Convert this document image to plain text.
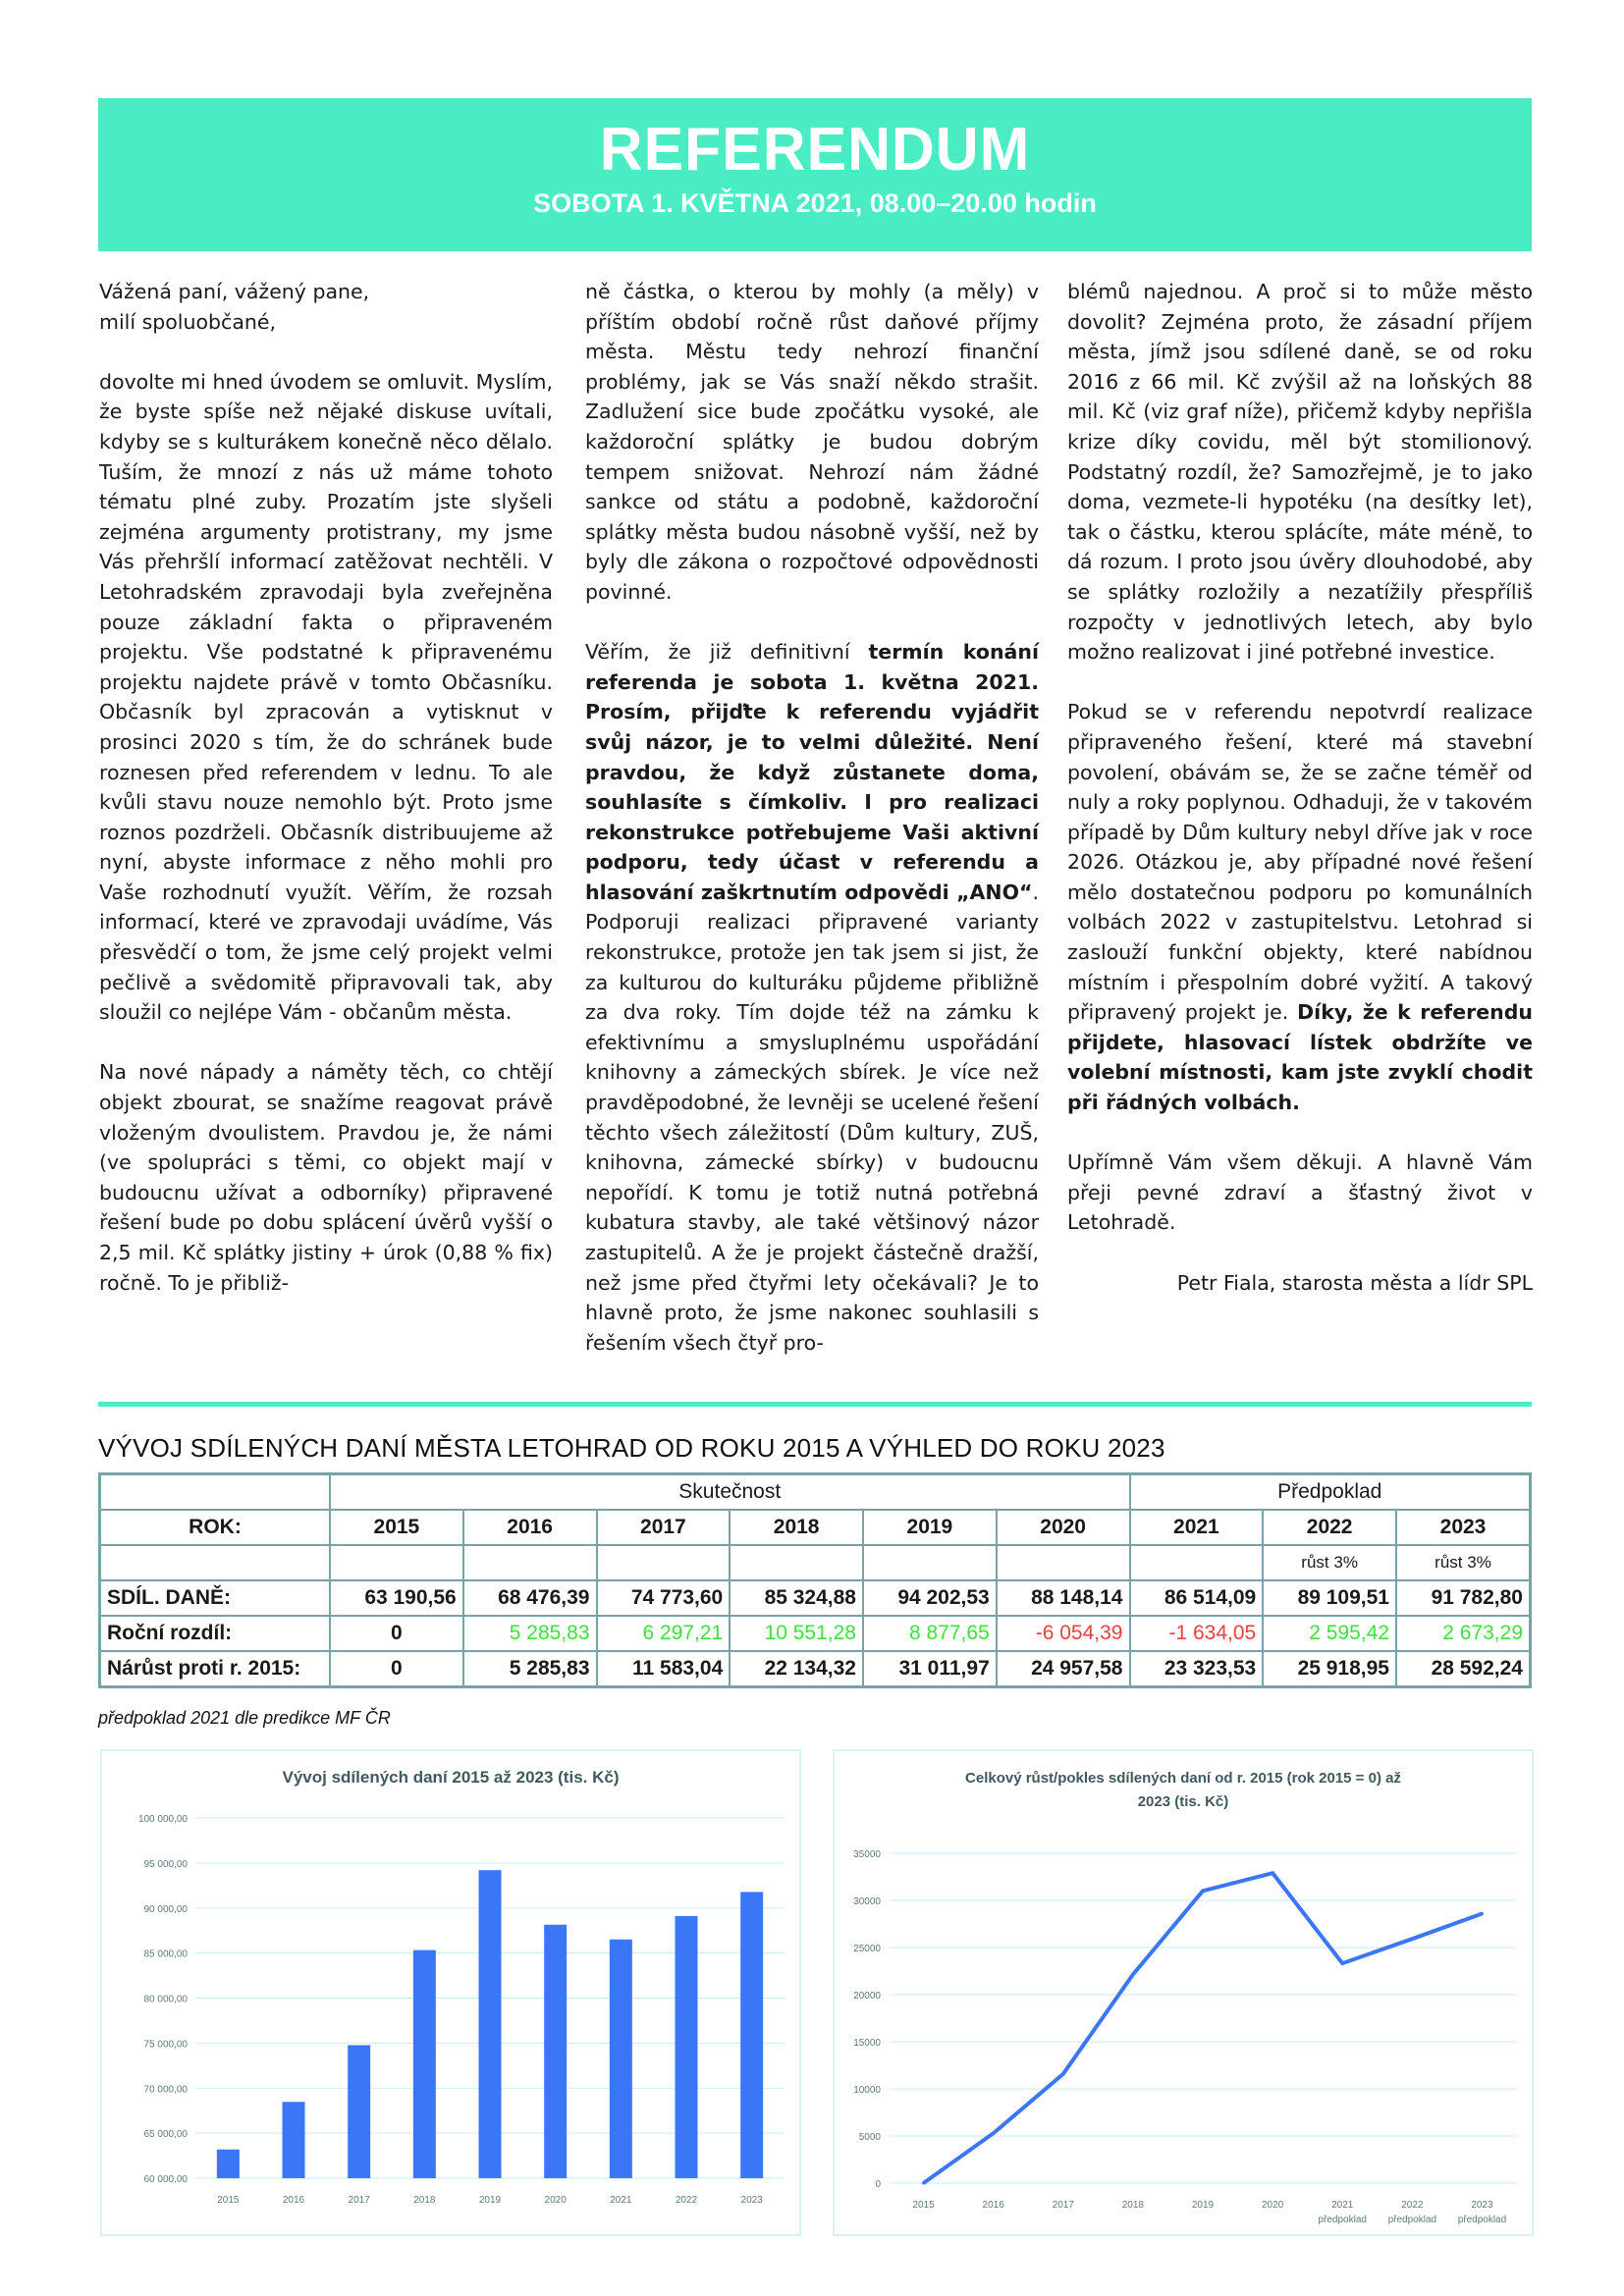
REFERENDUM
SOBOTA 1. KVĚTNA 2021, 08.00–20.00 hodin

Vážená paní, vážený pane,

milí spoluobčané,

dovolte mi hned úvodem se omluvit. Myslím, že byste spíše než nějaké diskuse uvítali, kdyby se s kulturákem konečně něco dělalo. Tuším, že mnozí z nás už máme tohoto tématu plné zuby. Prozatím jste slyšeli zejména argumenty protistrany, my jsme Vás přehršlí informací zatěžovat nechtěli. V Letohradském zpravodaji byla zveřejněna pouze základní fakta o připraveném projektu. Vše podstatné k připravenému projektu najdete právě v tomto Občasníku. Občasník byl zpracován a vytisknut v prosinci 2020 s tím, že do schránek bude roznesen před referendem v lednu. To ale kvůli stavu nouze nemohlo být. Proto jsme roznos pozdrželi. Občasník distribuujeme až nyní, abyste informace z něho mohli pro Vaše rozhodnutí využít. Věřím, že rozsah informací, které ve zpravodaji uvádíme, Vás přesvědčí o tom, že jsme celý projekt velmi pečlivě a svědomitě připravovali tak, aby sloužil co nejlépe Vám - občanům města.

Na nové nápady a náměty těch, co chtějí objekt zbourat, se snažíme reagovat právě vloženým dvoulistem. Pravdou je, že námi (ve spolupráci s těmi, co objekt mají v budoucnu užívat a odborníky) připravené řešení bude po dobu splácení úvěrů vyšší o 2,5 mil. Kč splátky jistiny + úrok (0,88 % fix) ročně. To je přibliž-

ně částka, o kterou by mohly (a měly) v příštím období ročně růst daňové příjmy města. Městu tedy nehrozí finanční problémy, jak se Vás snaží někdo strašit. Zadlužení sice bude zpočátku vysoké, ale každoroční splátky je budou dobrým tempem snižovat. Nehrozí nám žádné sankce od státu a podobně, každoroční splátky města budou násobně vyšší, než by byly dle zákona o rozpočtové odpovědnosti povinné.

Věřím, že již definitivní termín konání referenda je sobota 1. května 2021. Prosím, přijďte k referendu vyjádřit svůj názor, je to velmi důležité. Není pravdou, že když zůstanete doma, souhlasíte s čímkoliv. I pro realizaci rekonstrukce potřebujeme Vaši aktivní podporu, tedy účast v referendu a hlasování zaškrtnutím odpovědi „ANO“. Podporuji realizaci připravené varianty rekonstrukce, protože jen tak jsem si jist, že za kulturou do kulturáku půjdeme přibližně za dva roky. Tím dojde též na zámku k efektivnímu a smysluplnému uspořádání knihovny a zámeckých sbírek. Je více než pravděpodobné, že levněji se ucelené řešení těchto všech záležitostí (Dům kultury, ZUŠ, knihovna, zámecké sbírky) v budoucnu nepořídí. K tomu je totiž nutná potřebná kubatura stavby, ale také většinový názor zastupitelů. A že je projekt částečně dražší, než jsme před čtyřmi lety očekávali? Je to hlavně proto, že jsme nakonec souhlasili s řešením všech čtyř pro-

blémů najednou. A proč si to může město dovolit? Zejména proto, že zásadní příjem města, jímž jsou sdílené daně, se od roku 2016 z 66 mil. Kč zvýšil až na loňských 88 mil. Kč (viz graf níže), přičemž kdyby nepřišla krize díky covidu, měl být stomilionový. Podstatný rozdíl, že? Samozřejmě, je to jako doma, vezmete-li hypotéku (na desítky let), tak o částku, kterou splácíte, máte méně, to dá rozum. I proto jsou úvěry dlouhodobé, aby se splátky rozložily a nezatížily přespříliš rozpočty v jednotlivých letech, aby bylo možno realizovat i jiné potřebné investice.

Pokud se v referendu nepotvrdí realizace připraveného řešení, které má stavební povolení, obávám se, že se začne téměř od nuly a roky poplynou. Odhaduji, že v takovém případě by Dům kultury nebyl dříve jak v roce 2026. Otázkou je, aby případné nové řešení mělo dostatečnou podporu po komunálních volbách 2022 v zastupitelstvu. Letohrad si zaslouží funkční objekty, které nabídnou místním i přespolním dobré vyžití. A takový připravený projekt je. Díky, že k referendu přijdete, hlasovací lístek obdržíte ve volební místnosti, kam jste zvyklí chodit při řádných volbách.

Upřímně Vám všem děkuji. A hlavně Vám přeji pevné zdraví a šťastný život v Letohradě.

Petr Fiala, starosta města a lídr SPL

VÝVOJ SDÍLENÝCH DANÍ MĚSTA LETOHRAD OD ROKU 2015 A VÝHLED DO ROKU 2023
	Skutečnost						Předpoklad		
ROK:	2015	2016	2017	2018	2019	2020	2021	2022	2023
								růst 3%	růst 3%
SDÍL. DANĚ:	63 190,56	68 476,39	74 773,60	85 324,88	94 202,53	88 148,14	86 514,09	89 109,51	91 782,80
Roční rozdíl:	0	5 285,83	6 297,21	10 551,28	8 877,65	-6 054,39	-1 634,05	2 595,42	2 673,29
Nárůst proti r. 2015:	0	5 285,83	11 583,04	22 134,32	31 011,97	24 957,58	23 323,53	25 918,95	28 592,24
předpoklad 2021 dle predikce MF ČR
Vývoj sdílených daní 2015 až 2023 (tis. Kč)
60 000,00
65 000,00
70 000,00
75 000,00
80 000,00
85 000,00
90 000,00
95 000,00
100 000,00
2015	2016	2017	2018	2019	2020	2021	2022	2023
Celkový růst/pokles sdílených daní od r. 2015 (rok 2015 = 0) až
2023 (tis. Kč)
0
5000
10000
15000
20000
25000
30000
35000
2015	2016	2017	2018	2019	2020	2021
předpoklad
2022
předpoklad
2023
předpoklad
